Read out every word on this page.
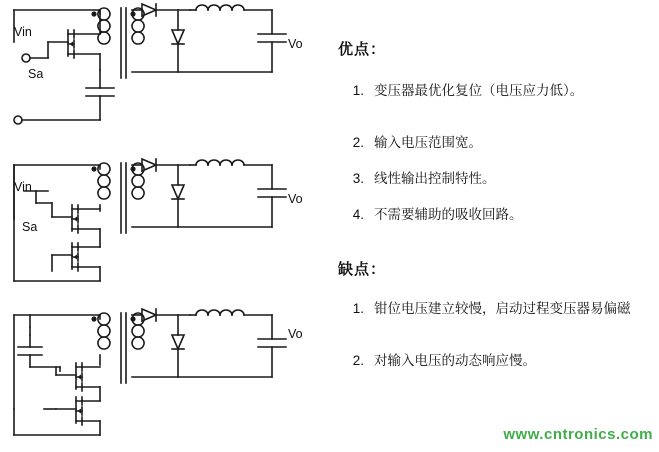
Vin
Sa
Vo
Vin
Sa
Vo
Vo
优点：
1. 变压器最优化复位（电压应力低）。
2. 输入电压范围宽。
3. 线性输出控制特性。
4. 不需要辅助的吸收回路。
缺点：
1. 钳位电压建立较慢，启动过程变压器易偏磁
2. 对输入电压的动态响应慢。
www.cntronics.com
